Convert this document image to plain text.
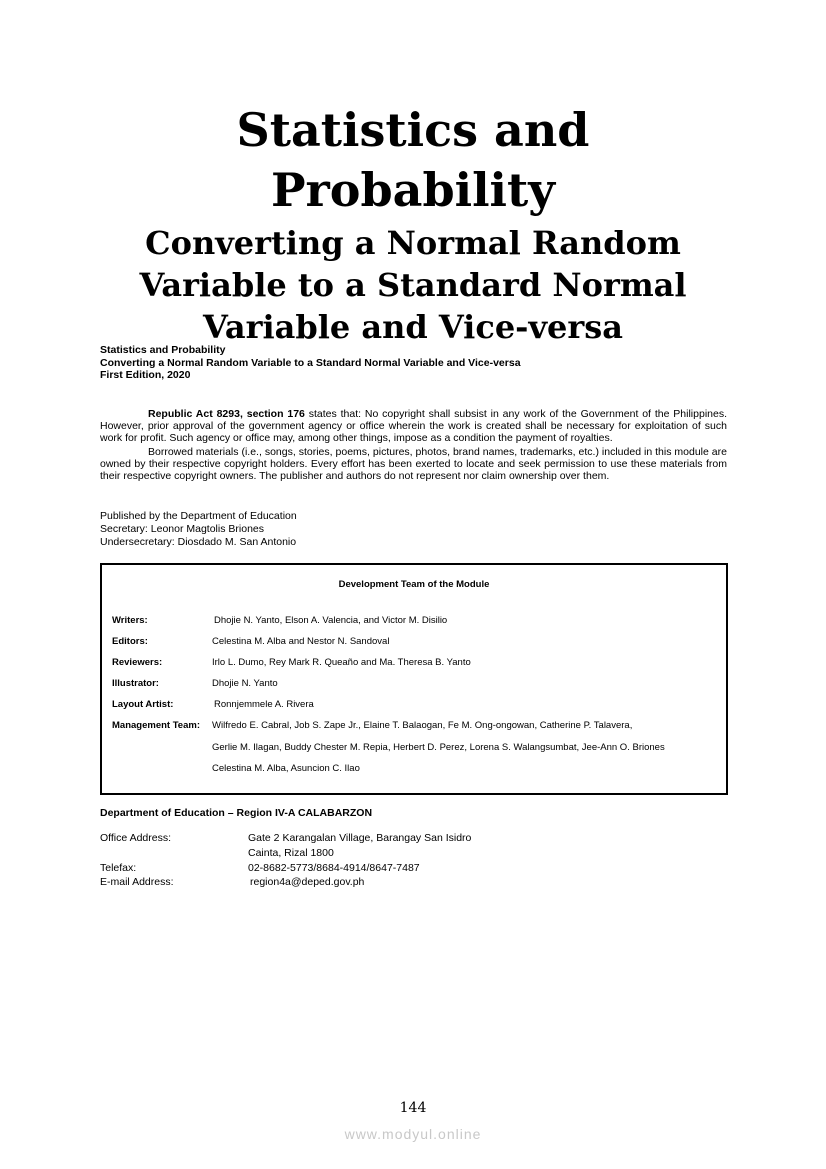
Statistics and
Probability
Converting a Normal Random
Variable to a Standard Normal
Variable and Vice-versa
Statistics and Probability
Converting a Normal Random Variable to a Standard Normal Variable and Vice-versa
First Edition, 2020

Republic Act 8293, section 176 states that: No copyright shall subsist in any work of the Government of the Philippines. However, prior approval of the government agency or office wherein the work is created shall be necessary for exploitation of such work for profit. Such agency or office may, among other things, impose as a condition the payment of royalties.

Borrowed materials (i.e., songs, stories, poems, pictures, photos, brand names, trademarks, etc.) included in this module are owned by their respective copyright holders. Every effort has been exerted to locate and seek permission to use these materials from their respective copyright owners. The publisher and authors do not represent nor claim ownership over them.

Published by the Department of Education
Secretary: Leonor Magtolis Briones
Undersecretary: Diosdado M. San Antonio
Development Team of the Module
Writers:	Dhojie N. Yanto, Elson A. Valencia, and Victor M. Disilio
Editors:	Celestina M. Alba and Nestor N. Sandoval
Reviewers:	Irlo L. Dumo, Rey Mark R. Queaño and Ma. Theresa B. Yanto
Illustrator:	Dhojie N. Yanto
Layout Artist:	Ronnjemmele A. Rivera
Management Team: Wilfredo E. Cabral, Job S. Zape Jr., Elaine T. Balaogan, Fe M. Ong-ongowan, Catherine P. Talavera,
Gerlie M. Ilagan, Buddy Chester M. Repia, Herbert D. Perez, Lorena S. Walangsumbat, Jee-Ann O. Briones
Celestina M. Alba, Asuncion C. Ilao
Department of Education – Region IV-A CALABARZON
Office Address:	Gate 2 Karangalan Village, Barangay San Isidro
Cainta, Rizal 1800
Telefax:	02-8682-5773/8684-4914/8647-7487
E-mail Address:	region4a@deped.gov.ph
144
www.modyul.online
